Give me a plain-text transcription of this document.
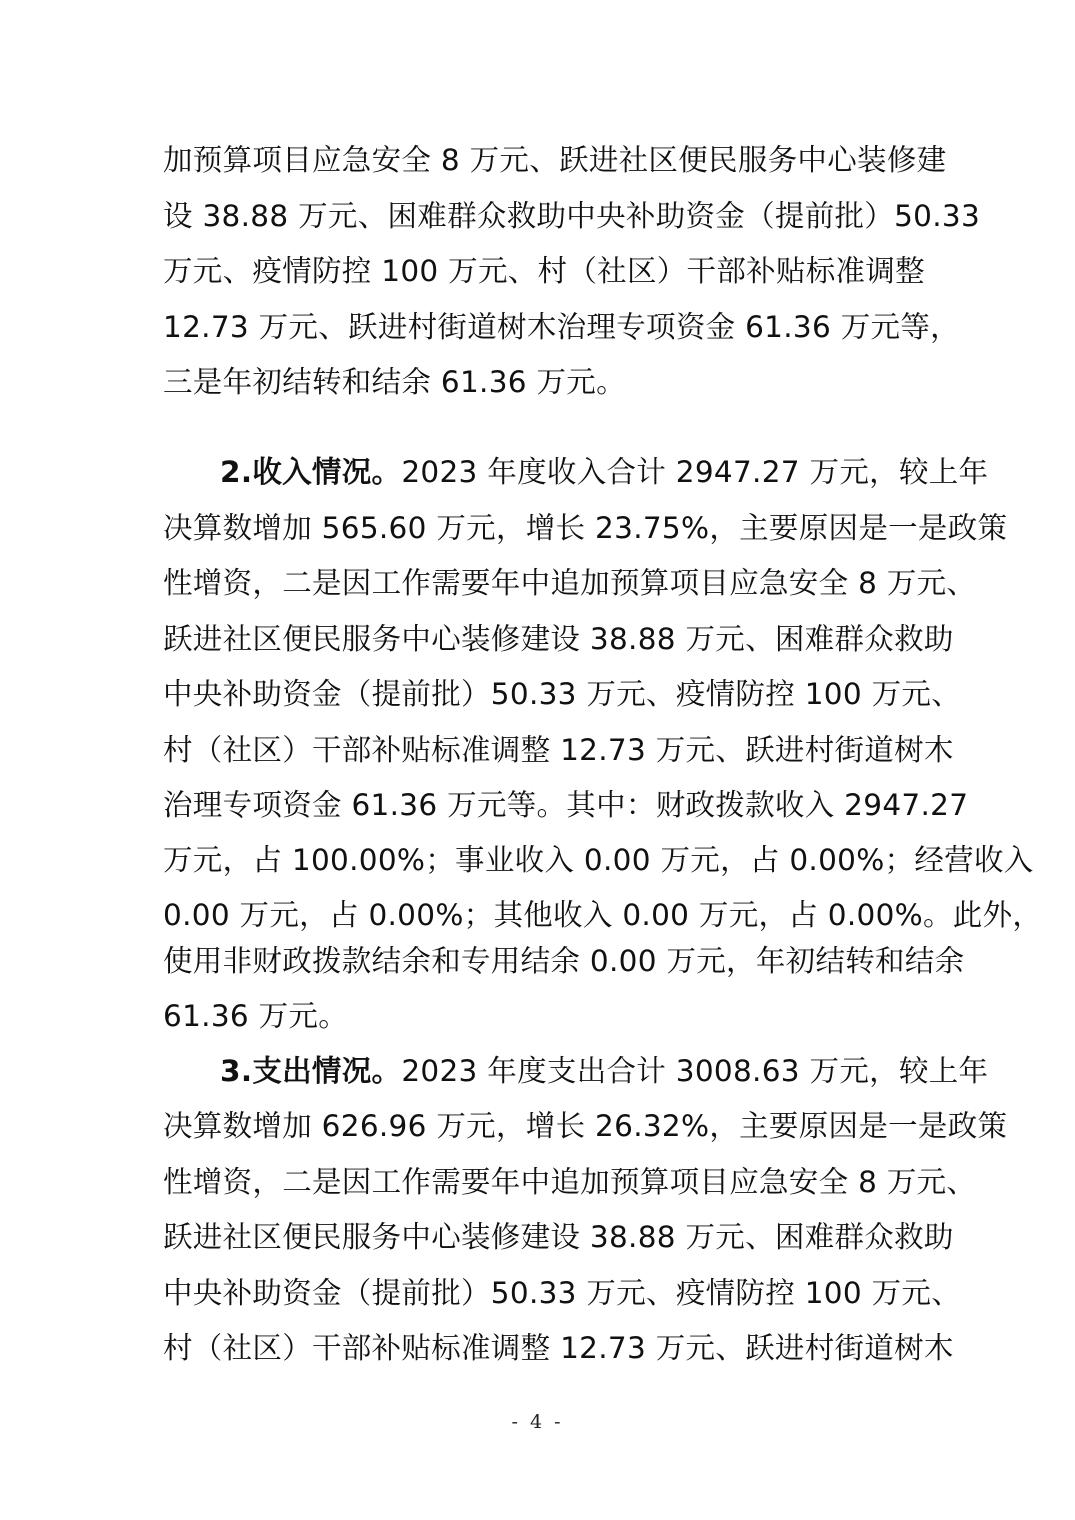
加预算项目应急安全 8 万元、跃进社区便民服务中心装修建
设 38.88 万元、困难群众救助中央补助资金（提前批）50.33
万元、疫情防控 100 万元、村（社区）干部补贴标准调整
12.73 万元、跃进村街道树木治理专项资金 61.36 万元等，
三是年初结转和结余 61.36 万元。
2.收入情况。2023 年度收入合计 2947.27 万元，较上年
决算数增加 565.60 万元，增长 23.75%，主要原因是一是政策
性增资，二是因工作需要年中追加预算项目应急安全 8 万元、
跃进社区便民服务中心装修建设 38.88 万元、困难群众救助
中央补助资金（提前批）50.33 万元、疫情防控 100 万元、
村（社区）干部补贴标准调整 12.73 万元、跃进村街道树木
治理专项资金 61.36 万元等。其中：财政拨款收入 2947.27
万元，占 100.00%；事业收入 0.00 万元，占 0.00%；经营收入
0.00 万元，占 0.00%；其他收入 0.00 万元，占 0.00%。此外，
使用非财政拨款结余和专用结余 0.00 万元，年初结转和结余
61.36 万元。
3.支出情况。2023 年度支出合计 3008.63 万元，较上年
决算数增加 626.96 万元，增长 26.32%，主要原因是一是政策
性增资，二是因工作需要年中追加预算项目应急安全 8 万元、
跃进社区便民服务中心装修建设 38.88 万元、困难群众救助
中央补助资金（提前批）50.33 万元、疫情防控 100 万元、
村（社区）干部补贴标准调整 12.73 万元、跃进村街道树木
- 4 -
